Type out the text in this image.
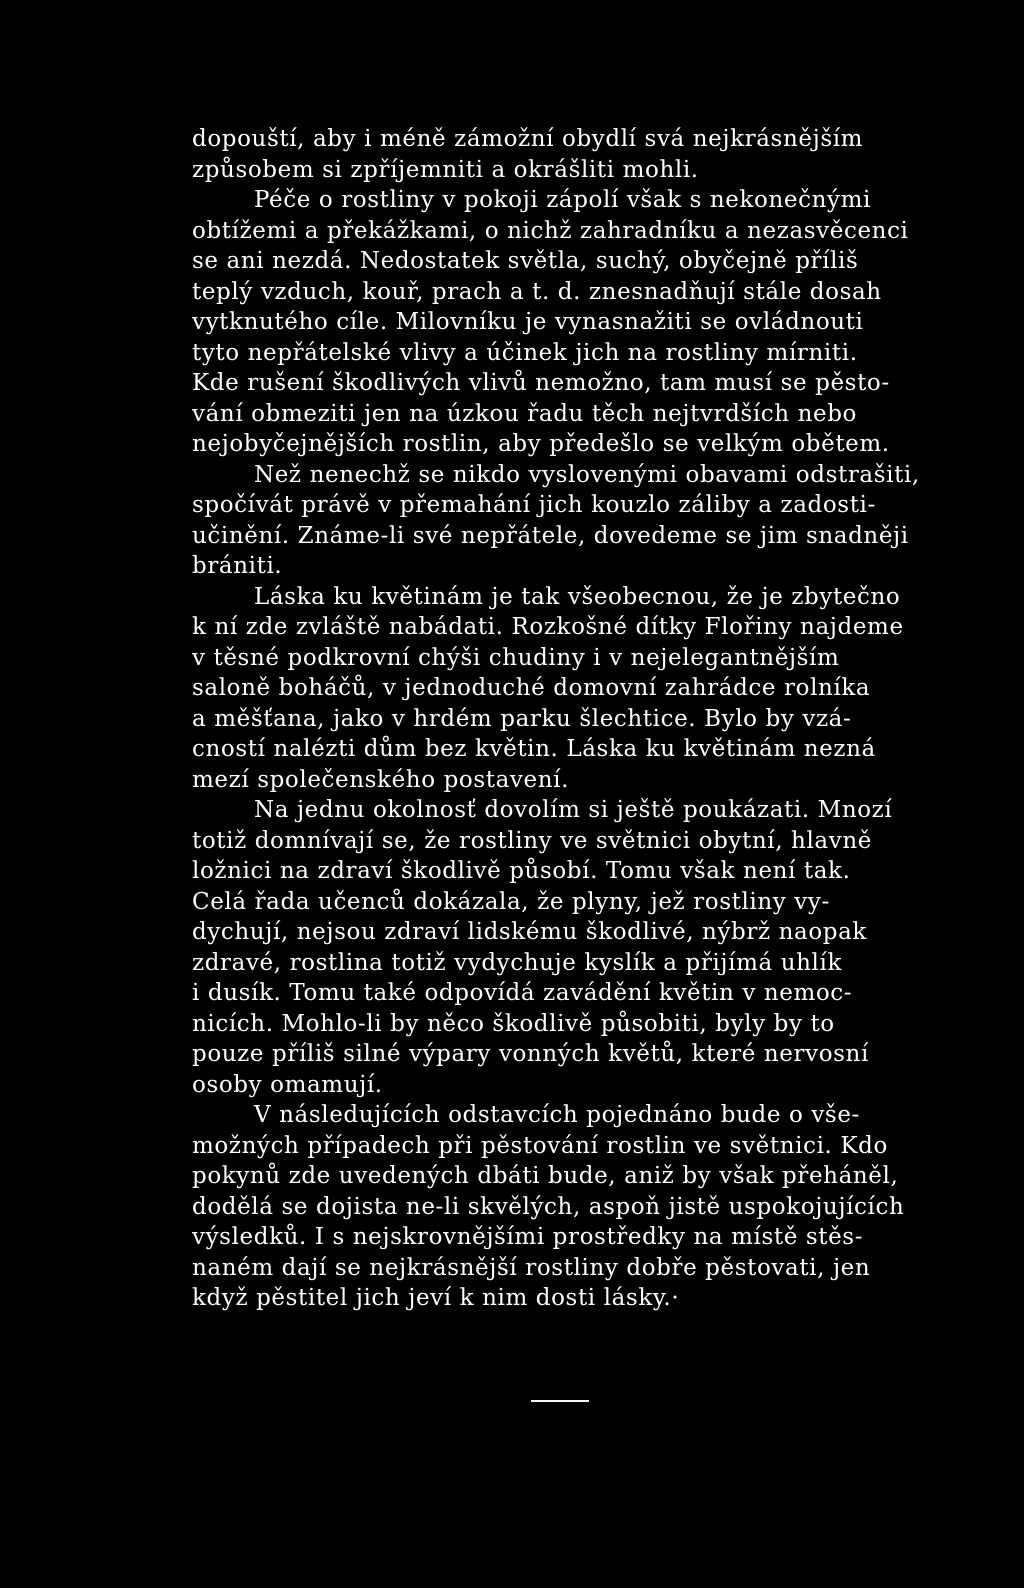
dopouští, aby i méně zámožní obydlí svá nejkrásnějším
způsobem si zpříjemniti a okrášliti mohli.
Péče o rostliny v pokoji zápolí však s nekonečnými
obtížemi a překážkami, o nichž zahradníku a nezasvěcenci
se ani nezdá. Nedostatek světla, suchý, obyčejně příliš
teplý vzduch, kouř, prach a t. d. znesnadňují stále dosah
vytknutého cíle. Milovníku je vynasnažiti se ovládnouti
tyto nepřátelské vlivy a účinek jich na rostliny mírniti.
Kde rušení škodlivých vlivů nemožno, tam musí se pěsto-
vání obmeziti jen na úzkou řadu těch nejtvrdších nebo
nejobyčejnějších rostlin, aby předešlo se velkým obětem.
Než nenechž se nikdo vyslovenými obavami odstrašiti,
spočívát právě v přemahání jich kouzlo záliby a zadosti-
učinění. Známe-li své nepřátele, dovedeme se jim snadněji
brániti.
Láska ku květinám je tak všeobecnou, že je zbytečno
k ní zde zvláště nabádati. Rozkošné dítky Flořiny najdeme
v těsné podkrovní chýši chudiny i v nejelegantnějším
saloně boháčů, v jednoduché domovní zahrádce rolníka
a měšťana, jako v hrdém parku šlechtice. Bylo by vzá-
cností nalézti dům bez květin. Láska ku květinám nezná
mezí společenského postavení.
Na jednu okolnosť dovolím si ještě poukázati. Mnozí
totiž domnívají se, že rostliny ve světnici obytní, hlavně
ložnici na zdraví škodlivě působí. Tomu však není tak.
Celá řada učenců dokázala, že plyny, jež rostliny vy-
dychují, nejsou zdraví lidskému škodlivé, nýbrž naopak
zdravé, rostlina totiž vydychuje kyslík a přijímá uhlík
i dusík. Tomu také odpovídá zavádění květin v nemoc-
nicích. Mohlo-li by něco škodlivě působiti, byly by to
pouze příliš silné výpary vonných květů, které nervosní
osoby omamují.
V následujících odstavcích pojednáno bude o vše-
možných případech při pěstování rostlin ve světnici. Kdo
pokynů zde uvedených dbáti bude, aniž by však přeháněl,
dodělá se dojista ne-li skvělých, aspoň jistě uspokojujících
výsledků. I s nejskrovnějšími prostředky na místě stěs-
naném dají se nejkrásnější rostliny dobře pěstovati, jen
když pěstitel jich jeví k nim dosti lásky.·
